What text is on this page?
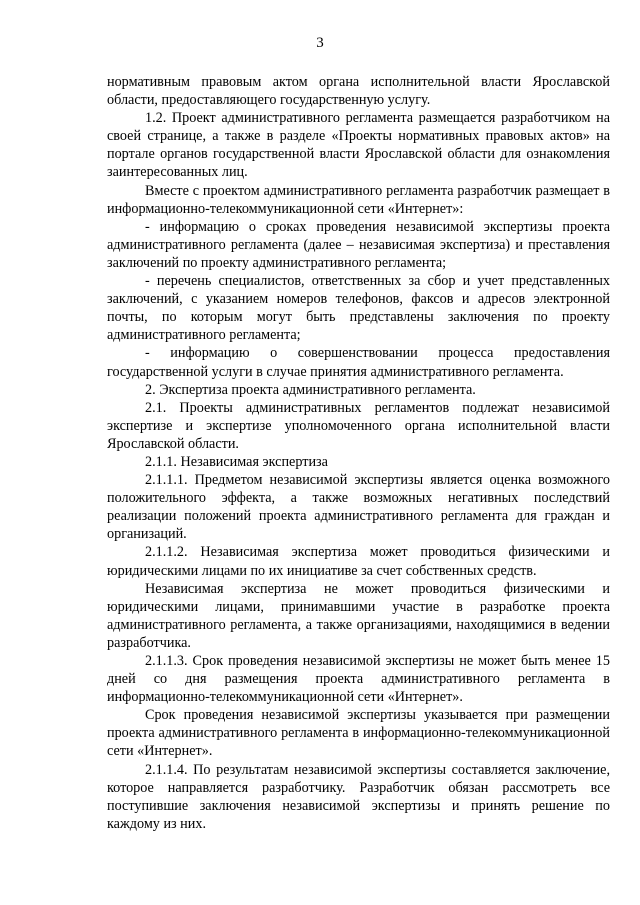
3

нормативным правовым актом органа исполнительной власти Ярославской области, предоставляющего государственную услугу.

1.2. Проект административного регламента размещается разработчиком на своей странице, а также в разделе «Проекты нормативных правовых актов» на портале органов государственной власти Ярославской области для ознакомления заинтересованных лиц.

Вместе с проектом административного регламента разработчик размещает в информационно-телекоммуникационной сети «Интернет»:

- информацию о сроках проведения независимой экспертизы проекта административного регламента (далее – независимая экспертиза) и преставления заключений по проекту административного регламента;

- перечень специалистов, ответственных за сбор и учет представленных заключений, с указанием номеров телефонов, факсов и адресов электронной почты, по которым могут быть представлены заключения по проекту административного регламента;

- информацию о совершенствовании процесса предоставления государственной услуги в случае принятия административного регламента.

2. Экспертиза проекта административного регламента.

2.1. Проекты административных регламентов подлежат независимой экспертизе и экспертизе уполномоченного органа исполнительной власти Ярославской области.

2.1.1. Независимая экспертиза

2.1.1.1. Предметом независимой экспертизы является оценка возможного положительного эффекта, а также возможных негативных последствий реализации положений проекта административного регламента для граждан и организаций.

2.1.1.2. Независимая экспертиза может проводиться физическими и юридическими лицами по их инициативе за счет собственных средств.

Независимая экспертиза не может проводиться физическими и юридическими лицами, принимавшими участие в разработке проекта административного регламента, а также организациями, находящимися в ведении разработчика.

2.1.1.3. Срок проведения независимой экспертизы не может быть менее 15 дней со дня размещения проекта административного регламента в информационно-телекоммуникационной сети «Интернет».

Срок проведения независимой экспертизы указывается при размещении проекта административного регламента в информационно-телекоммуникационной сети «Интернет».

2.1.1.4. По результатам независимой экспертизы составляется заключение, которое направляется разработчику. Разработчик обязан рассмотреть все поступившие заключения независимой экспертизы и принять решение по каждому из них.
